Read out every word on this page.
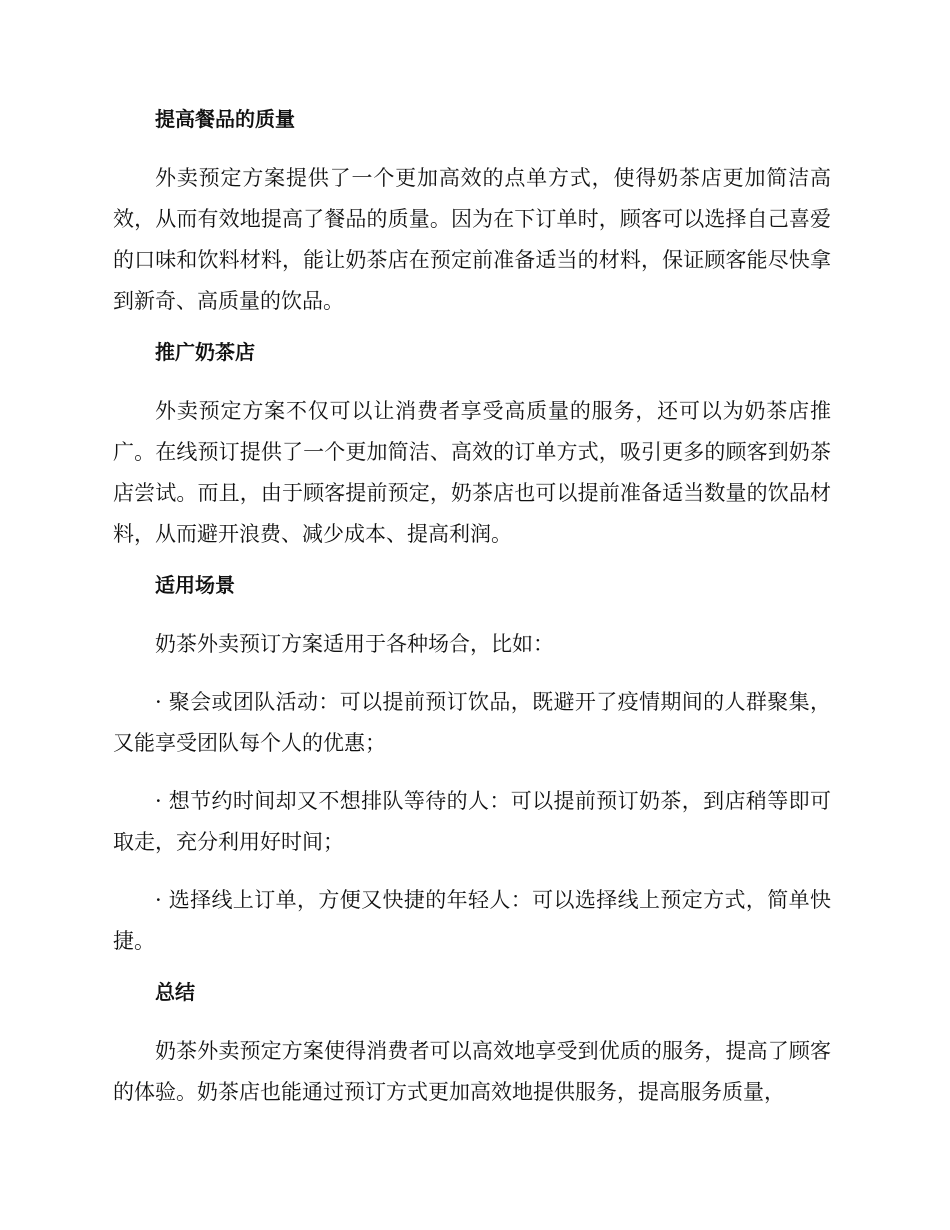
提高餐品的质量

外卖预定方案提供了一个更加高效的点单方式，使得奶茶店更加简洁高效，从而有效地提高了餐品的质量。因为在下订单时，顾客可以选择自己喜爱的口味和饮料材料，能让奶茶店在预定前准备适当的材料，保证顾客能尽快拿到新奇、高质量的饮品。

推广奶茶店

外卖预定方案不仅可以让消费者享受高质量的服务，还可以为奶茶店推广。在线预订提供了一个更加简洁、高效的订单方式，吸引更多的顾客到奶茶店尝试。而且，由于顾客提前预定，奶茶店也可以提前准备适当数量的饮品材料，从而避开浪费、减少成本、提高利润。

适用场景

奶茶外卖预订方案适用于各种场合，比如：

· 聚会或团队活动：可以提前预订饮品，既避开了疫情期间的人群聚集，又能享受团队每个人的优惠；

· 想节约时间却又不想排队等待的人：可以提前预订奶茶，到店稍等即可取走，充分利用好时间；

· 选择线上订单，方便又快捷的年轻人：可以选择线上预定方式，简单快捷。

总结

奶茶外卖预定方案使得消费者可以高效地享受到优质的服务，提高了顾客的体验。奶茶店也能通过预订方式更加高效地提供服务，提高服务质量，
